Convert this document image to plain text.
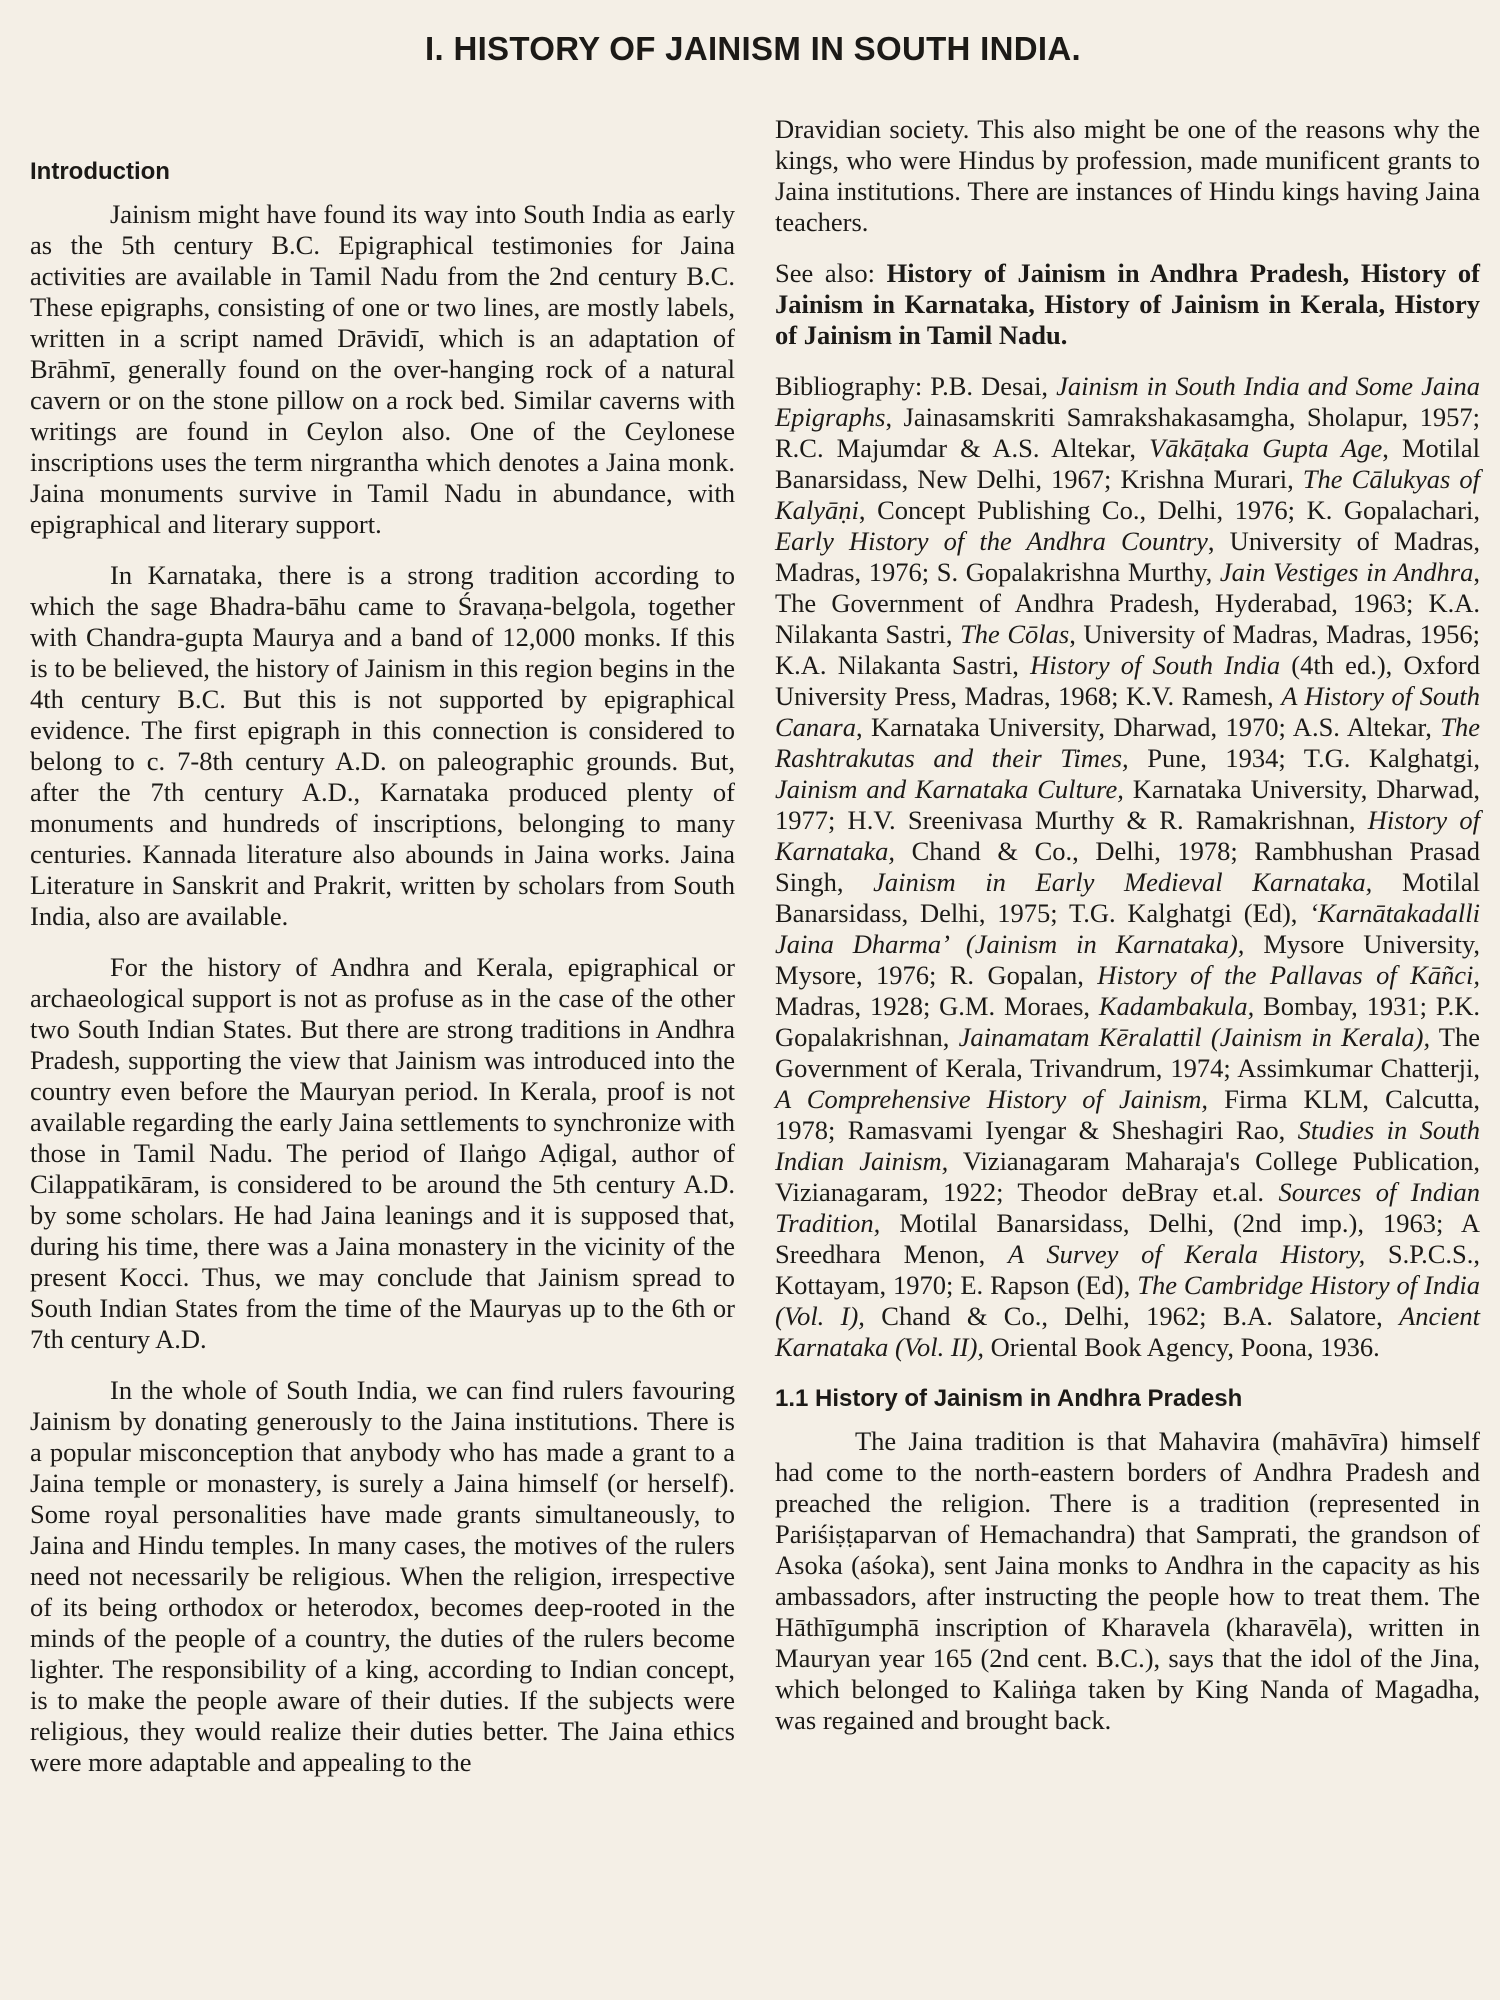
I. HISTORY OF JAINISM IN SOUTH INDIA.
Introduction

Jainism might have found its way into South India as early as the 5th century B.C. Epigraphical testimonies for Jaina activities are available in Tamil Nadu from the 2nd century B.C. These epigraphs, consisting of one or two lines, are mostly labels, written in a script named Drāvidī, which is an adaptation of Brāhmī, generally found on the over-hanging rock of a natural cavern or on the stone pillow on a rock bed. Similar caverns with writings are found in Ceylon also. One of the Ceylonese inscriptions uses the term nirgrantha which denotes a Jaina monk. Jaina monuments survive in Tamil Nadu in abundance, with epigraphical and literary support.

In Karnataka, there is a strong tradition according to which the sage Bhadra-bāhu came to Śravaṇa-belgola, together with Chandra-gupta Maurya and a band of 12,000 monks. If this is to be believed, the history of Jainism in this region begins in the 4th century B.C. But this is not supported by epigraphical evidence. The first epigraph in this connection is considered to belong to c. 7-8th century A.D. on paleographic grounds. But, after the 7th century A.D., Karnataka produced plenty of monuments and hundreds of inscriptions, belonging to many centuries. Kannada literature also abounds in Jaina works. Jaina Literature in Sanskrit and Prakrit, written by scholars from South India, also are available.

For the history of Andhra and Kerala, epigraphical or archaeological support is not as profuse as in the case of the other two South Indian States. But there are strong traditions in Andhra Pradesh, supporting the view that Jainism was introduced into the country even before the Mauryan period. In Kerala, proof is not available regarding the early Jaina settlements to synchronize with those in Tamil Nadu. The period of Ilaṅgo Aḍigal, author of Cilappatikāram, is considered to be around the 5th century A.D. by some scholars. He had Jaina leanings and it is supposed that, during his time, there was a Jaina monastery in the vicinity of the present Kocci. Thus, we may conclude that Jainism spread to South Indian States from the time of the Mauryas up to the 6th or 7th century A.D.

In the whole of South India, we can find rulers favouring Jainism by donating generously to the Jaina institutions. There is a popular misconception that anybody who has made a grant to a Jaina temple or monastery, is surely a Jaina himself (or herself). Some royal personalities have made grants simultaneously, to Jaina and Hindu temples. In many cases, the motives of the rulers need not necessarily be religious. When the religion, irrespective of its being orthodox or heterodox, becomes deep-rooted in the minds of the people of a country, the duties of the rulers become lighter. The responsibility of a king, according to Indian concept, is to make the people aware of their duties. If the subjects were religious, they would realize their duties better. The Jaina ethics were more adaptable and appealing to the

Dravidian society. This also might be one of the reasons why the kings, who were Hindus by profession, made munificent grants to Jaina institutions. There are instances of Hindu kings having Jaina teachers.

See also: History of Jainism in Andhra Pradesh, History of Jainism in Karnataka, History of Jainism in Kerala, History of Jainism in Tamil Nadu.

Bibliography: P.B. Desai, Jainism in South India and Some Jaina Epigraphs, Jainasamskriti Samrakshakasamgha, Sholapur, 1957; R.C. Majumdar & A.S. Altekar, Vākāṭaka Gupta Age, Motilal Banarsidass, New Delhi, 1967; Krishna Murari, The Cālukyas of Kalyāṇi, Concept Publishing Co., Delhi, 1976; K. Gopalachari, Early History of the Andhra Country, University of Madras, Madras, 1976; S. Gopalakrishna Murthy, Jain Vestiges in Andhra, The Government of Andhra Pradesh, Hyderabad, 1963; K.A. Nilakanta Sastri, The Cōlas, University of Madras, Madras, 1956; K.A. Nilakanta Sastri, History of South India (4th ed.), Oxford University Press, Madras, 1968; K.V. Ramesh, A History of South Canara, Karnataka University, Dharwad, 1970; A.S. Altekar, The Rashtrakutas and their Times, Pune, 1934; T.G. Kalghatgi, Jainism and Karnataka Culture, Karnataka University, Dharwad, 1977; H.V. Sreenivasa Murthy & R. Ramakrishnan, History of Karnataka, Chand & Co., Delhi, 1978; Rambhushan Prasad Singh, Jainism in Early Medieval Karnataka, Motilal Banarsidass, Delhi, 1975; T.G. Kalghatgi (Ed), ‘Karnātakadalli Jaina Dharma’ (Jainism in Karnataka), Mysore University, Mysore, 1976; R. Gopalan, History of the Pallavas of Kāñci, Madras, 1928; G.M. Moraes, Kadambakula, Bombay, 1931; P.K. Gopalakrishnan, Jainamatam Kēralattil (Jainism in Kerala), The Government of Kerala, Trivandrum, 1974; Assimkumar Chatterji, A Comprehensive History of Jainism, Firma KLM, Calcutta, 1978; Ramasvami Iyengar & Sheshagiri Rao, Studies in South Indian Jainism, Vizianagaram Maharaja's College Publication, Vizianagaram, 1922; Theodor deBray et.al. Sources of Indian Tradition, Motilal Banarsidass, Delhi, (2nd imp.), 1963; A Sreedhara Menon, A Survey of Kerala History, S.P.C.S., Kottayam, 1970; E. Rapson (Ed), The Cambridge History of India (Vol. I), Chand & Co., Delhi, 1962; B.A. Salatore, Ancient Karnataka (Vol. II), Oriental Book Agency, Poona, 1936.

1.1 History of Jainism in Andhra Pradesh

The Jaina tradition is that Mahavira (mahāvīra) himself had come to the north-eastern borders of Andhra Pradesh and preached the religion. There is a tradition (represented in Pariśiṣṭaparvan of Hemachandra) that Samprati, the grandson of Asoka (aśoka), sent Jaina monks to Andhra in the capacity as his ambassadors, after instructing the people how to treat them. The Hāthīgumphā inscription of Kharavela (kharavēla), written in Mauryan year 165 (2nd cent. B.C.), says that the idol of the Jina, which belonged to Kaliṅga taken by King Nanda of Magadha, was regained and brought back.
